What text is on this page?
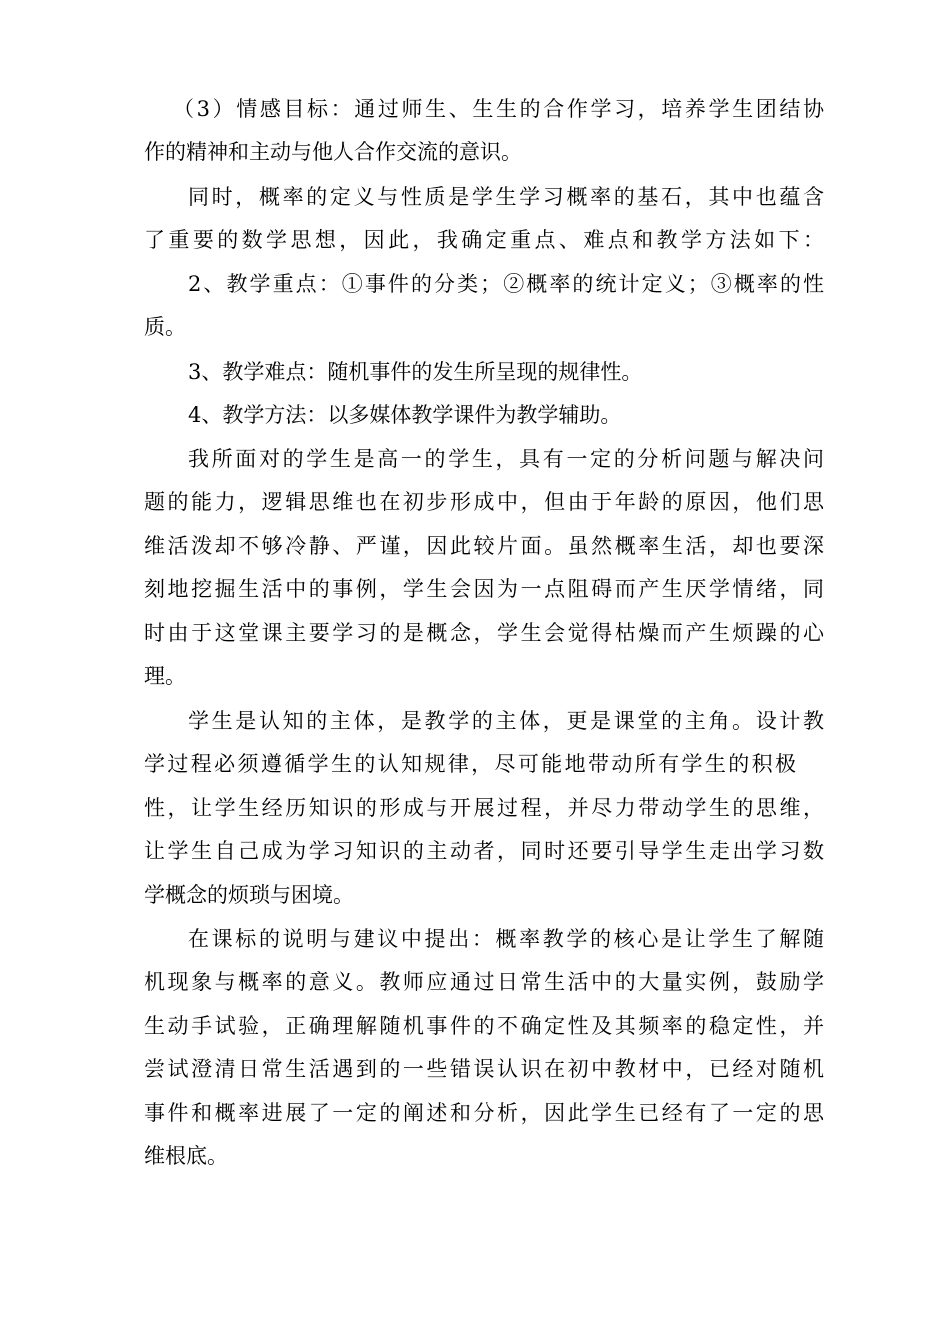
（3）情感目标：通过师生、生生的合作学习，培养学生团结协
作的精神和主动与他人合作交流的意识。
同时，概率的定义与性质是学生学习概率的基石，其中也蕴含
了重要的数学思想，因此，我确定重点、难点和教学方法如下：
2、教学重点：①事件的分类；②概率的统计定义；③概率的性
质。
3、教学难点：随机事件的发生所呈现的规律性。
4、教学方法：以多媒体教学课件为教学辅助。
我所面对的学生是高一的学生，具有一定的分析问题与解决问
题的能力，逻辑思维也在初步形成中，但由于年龄的原因，他们思
维活泼却不够冷静、严谨，因此较片面。虽然概率生活，却也要深
刻地挖掘生活中的事例，学生会因为一点阻碍而产生厌学情绪，同
时由于这堂课主要学习的是概念，学生会觉得枯燥而产生烦躁的心
理。
学生是认知的主体，是教学的主体，更是课堂的主角。设计教
学过程必须遵循学生的认知规律，尽可能地带动所有学生的积极
性，让学生经历知识的形成与开展过程，并尽力带动学生的思维，
让学生自己成为学习知识的主动者，同时还要引导学生走出学习数
学概念的烦琐与困境。
在课标的说明与建议中提出：概率教学的核心是让学生了解随
机现象与概率的意义。教师应通过日常生活中的大量实例，鼓励学
生动手试验，正确理解随机事件的不确定性及其频率的稳定性，并
尝试澄清日常生活遇到的一些错误认识在初中教材中，已经对随机
事件和概率进展了一定的阐述和分析，因此学生已经有了一定的思
维根底。
